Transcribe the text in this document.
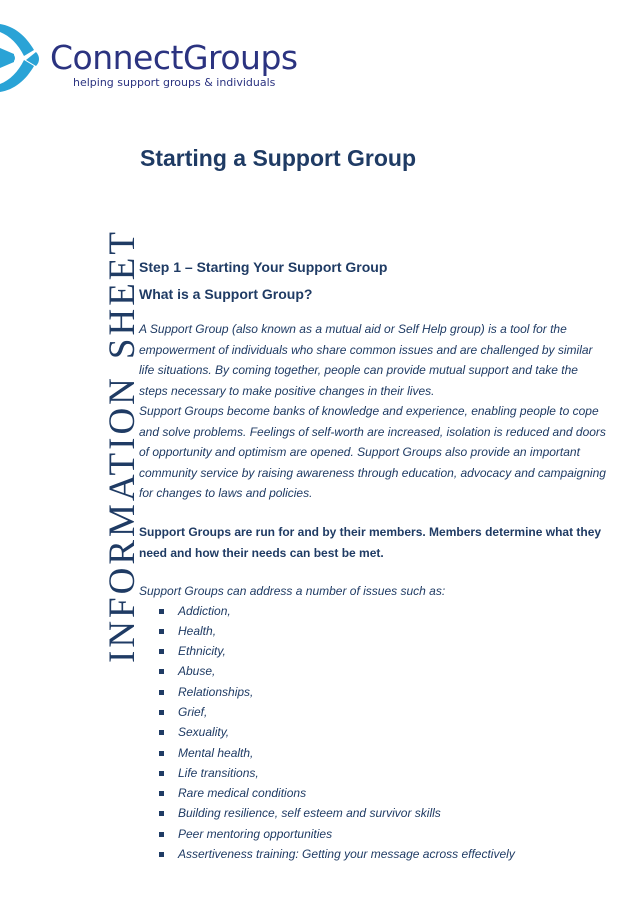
ConnectGroups
helping support groups & individuals
INFORMATIONSHEET
Starting a Support Group

Step 1 – Starting Your Support Group

What is a Support Group?

A Support Group (also known as a mutual aid or Self Help group) is a tool for the empowerment of individuals who share common issues and are challenged by similar life situations. By coming together, people can provide mutual support and take the steps necessary to make positive changes in their lives.

Support Groups become banks of knowledge and experience, enabling people to cope and solve problems. Feelings of self-worth are increased, isolation is reduced and doors of opportunity and optimism are opened. Support Groups also provide an important community service by raising awareness through education, advocacy and campaigning for changes to laws and policies.

Support Groups are run for and by their members. Members determine what they need and how their needs can best be met.

Support Groups can address a number of issues such as:

Addiction,
Health,
Ethnicity,
Abuse,
Relationships,
Grief,
Sexuality,
Mental health,
Life transitions,
Rare medical conditions
Building resilience, self esteem and survivor skills
Peer mentoring opportunities
Assertiveness training: Getting your message across effectively
